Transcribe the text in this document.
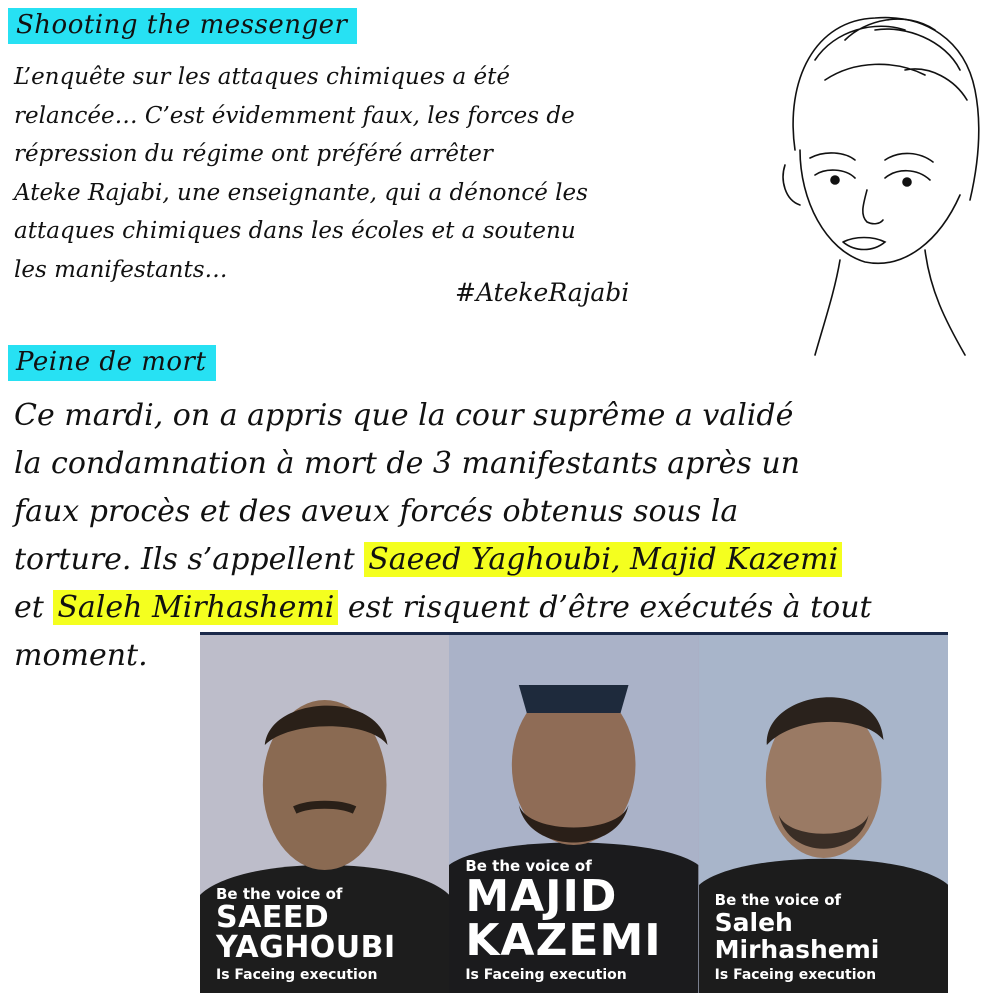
Shooting the messenger
L’enquête sur les attaques chimiques a été
relancée… C’est évidemment faux, les forces de
répression du régime ont préféré arrêter
Ateke Rajabi, une enseignante, qui a dénoncé les
attaques chimiques dans les écoles et a soutenu
les manifestants…
#AtekeRajabi
Peine de mort
Ce mardi, on a appris que la cour suprême a validé
la condamnation à mort de 3 manifestants après un
faux procès et des aveux forcés obtenus sous la
torture. Ils s’appellent Saeed Yaghoubi, Majid Kazemi
et Saleh Mirhashemi est risquent d’être exécutés à tout
moment.
Be the voice of
SAEED
YAGHOUBI
Is Faceing execution
Be the voice of
MAJID
KAZEMI
Is Faceing execution
Be the voice of
Saleh
Mirhashemi
Is Faceing execution
